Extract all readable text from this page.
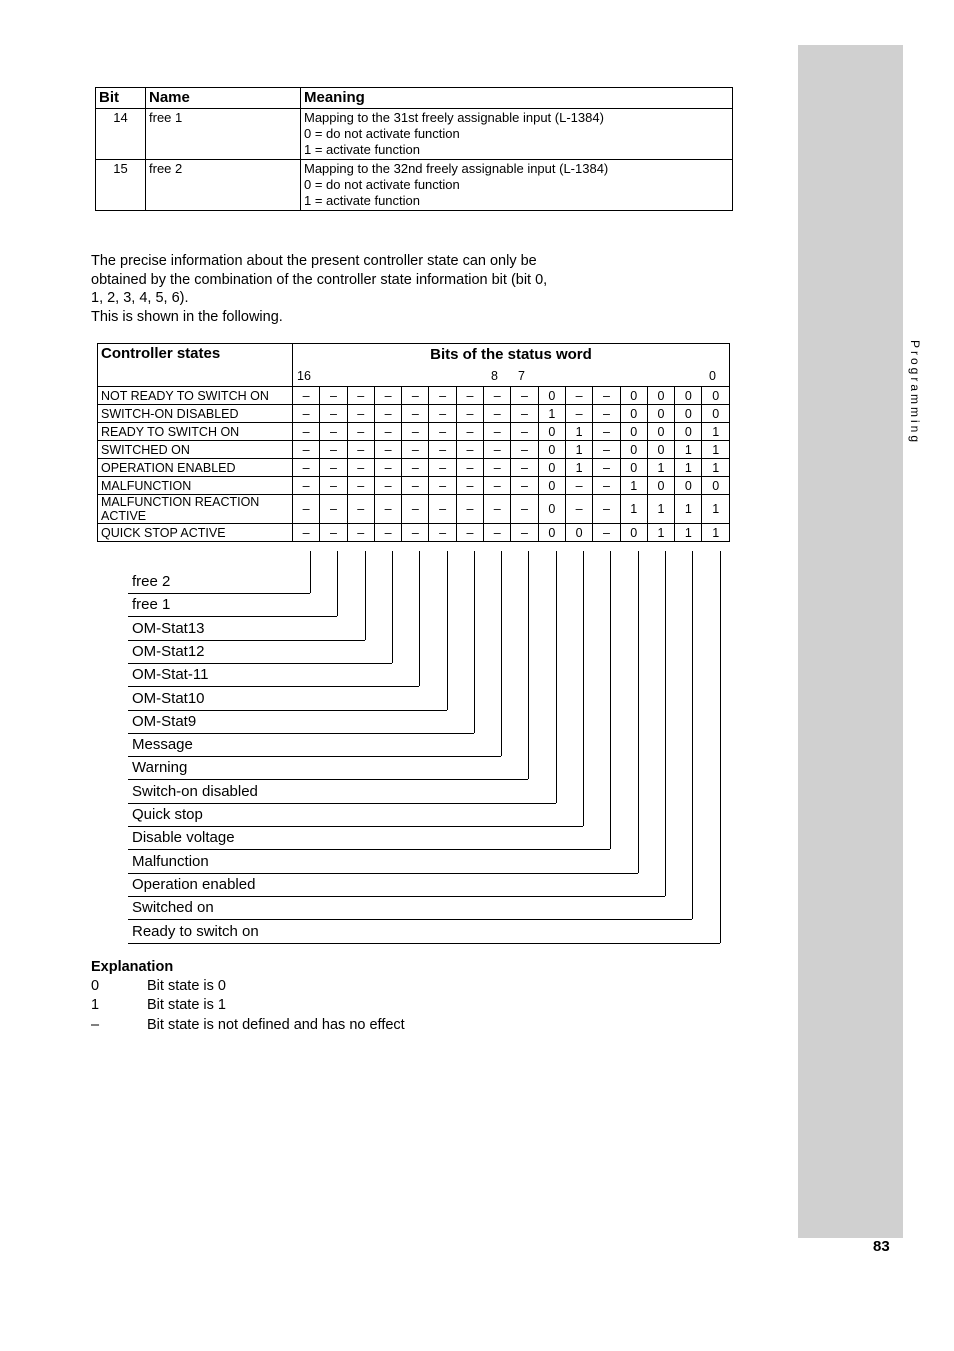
Programming
Bit	Name	Meaning
14	free 1	Mapping to the 31st freely assignable input (L-1384)
0 = do not activate function
1 = activate function

15	free 2	Mapping to the 32nd freely assignable input (L-1384)
0 = do not activate function
1 = activate function
The precise information about the present controller state can only be
obtained by the combination of the controller state information bit (bit 0,
1, 2, 3, 4, 5, 6).
This is shown in the following.
Controller states	Bits of the status word															

	16 8 7 0															

NOT READY TO SWITCH ON	–	–	–	–	–	–	–	–	–	0	–	–	0	0	0	0
SWITCH-ON DISABLED	–	–	–	–	–	–	–	–	–	1	–	–	0	0	0	0
READY TO SWITCH ON	–	–	–	–	–	–	–	–	–	0	1	–	0	0	0	1
SWITCHED ON	–	–	–	–	–	–	–	–	–	0	1	–	0	0	1	1
OPERATION ENABLED	–	–	–	–	–	–	–	–	–	0	1	–	0	1	1	1
MALFUNCTION	–	–	–	–	–	–	–	–	–	0	–	–	1	0	0	0
MALFUNCTION REACTION ACTIVE	–	–	–	–	–	–	–	–	–	0	–	–	1	1	1	1
QUICK STOP ACTIVE	–	–	–	–	–	–	–	–	–	0	0	–	0	1	1	1
free 2
free 1
OM-Stat13
OM-Stat12
OM-Stat-11
OM-Stat10
OM-Stat9
Message
Warning
Switch-on disabled
Quick stop
Disable voltage
Malfunction
Operation enabled
Switched on
Ready to switch on
Explanation
0	Bit state is 0
1	Bit state is 1
–	Bit state is not defined and has no effect
83
